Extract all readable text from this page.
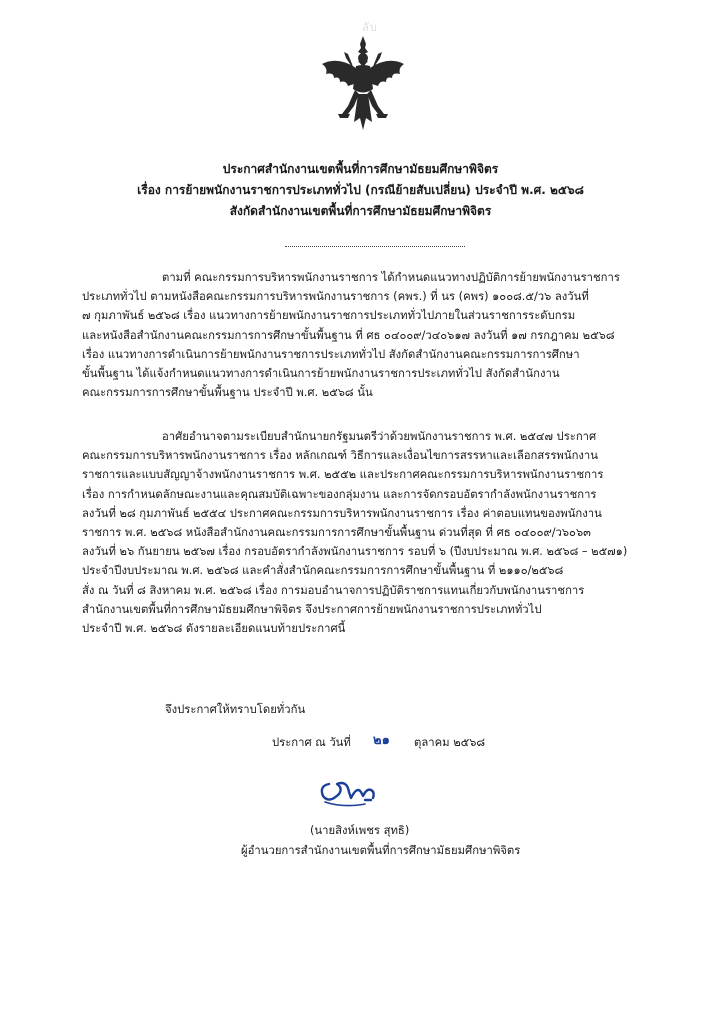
ลับ
ประกาศสำนักงานเขตพื้นที่การศึกษามัธยมศึกษาพิจิตร
เรื่อง การย้ายพนักงานราชการประเภททั่วไป (กรณีย้ายสับเปลี่ยน) ประจำปี พ.ศ. ๒๕๖๘
สังกัดสำนักงานเขตพื้นที่การศึกษามัธยมศึกษาพิจิตร
ตามที่ คณะกรรมการบริหารพนักงานราชการ ได้กำหนดแนวทางปฏิบัติการย้ายพนักงานราชการ
ประเภททั่วไป ตามหนังสือคณะกรรมการบริหารพนักงานราชการ (คพร.) ที่ นร (คพร) ๑๐๐๘.๕/ว๖ ลงวันที่
๗ กุมภาพันธ์ ๒๕๖๘ เรื่อง แนวทางการย้ายพนักงานราชการประเภททั่วไปภายในส่วนราชการระดับกรม
และหนังสือสำนักงานคณะกรรมการการศึกษาขั้นพื้นฐาน ที่ ศธ ๐๔๐๐๙/ว๔๐๖๑๗ ลงวันที่ ๑๗ กรกฎาคม ๒๕๖๘
เรื่อง แนวทางการดำเนินการย้ายพนักงานราชการประเภททั่วไป สังกัดสำนักงานคณะกรรมการการศึกษา
ขั้นพื้นฐาน ได้แจ้งกำหนดแนวทางการดำเนินการย้ายพนักงานราชการประเภททั่วไป สังกัดสำนักงาน
คณะกรรมการการศึกษาขั้นพื้นฐาน ประจำปี พ.ศ. ๒๕๖๘ นั้น
อาศัยอำนาจตามระเบียบสำนักนายกรัฐมนตรีว่าด้วยพนักงานราชการ พ.ศ. ๒๕๔๗ ประกาศ
คณะกรรมการบริหารพนักงานราชการ เรื่อง หลักเกณฑ์ วิธีการและเงื่อนไขการสรรหาและเลือกสรรพนักงาน
ราชการและแบบสัญญาจ้างพนักงานราชการ พ.ศ. ๒๕๕๒ และประกาศคณะกรรมการบริหารพนักงานราชการ
เรื่อง การกำหนดลักษณะงานและคุณสมบัติเฉพาะของกลุ่มงาน และการจัดกรอบอัตรากำลังพนักงานราชการ
ลงวันที่ ๒๘ กุมภาพันธ์ ๒๕๕๔ ประกาศคณะกรรมการบริหารพนักงานราชการ เรื่อง ค่าตอบแทนของพนักงาน
ราชการ พ.ศ. ๒๕๖๘ หนังสือสำนักงานคณะกรรมการการศึกษาขั้นพื้นฐาน ด่วนที่สุด ที่ ศธ ๐๔๐๐๙/ว๖๐๖๓
ลงวันที่ ๒๖ กันยายน ๒๕๖๗ เรื่อง กรอบอัตรากำลังพนักงานราชการ รอบที่ ๖ (ปีงบประมาณ พ.ศ. ๒๕๖๘ – ๒๕๗๑)
ประจำปีงบประมาณ พ.ศ. ๒๕๖๘ และคำสั่งสำนักคณะกรรมการการศึกษาขั้นพื้นฐาน ที่ ๒๑๑๐/๒๕๖๘
สั่ง ณ วันที่ ๘ สิงหาคม พ.ศ. ๒๕๖๘ เรื่อง การมอบอำนาจการปฏิบัติราชการแทนเกี่ยวกับพนักงานราชการ
สำนักงานเขตพื้นที่การศึกษามัธยมศึกษาพิจิตร จึงประกาศการย้ายพนักงานราชการประเภททั่วไป
ประจำปี พ.ศ. ๒๕๖๘ ดังรายละเอียดแนบท้ายประกาศนี้
จึงประกาศให้ทราบโดยทั่วกัน
ประกาศ ณ วันที่ ๒๑ ตุลาคม ๒๕๖๘
(นายสิงห์เพชร สุทธิ)
ผู้อำนวยการสำนักงานเขตพื้นที่การศึกษามัธยมศึกษาพิจิตร
